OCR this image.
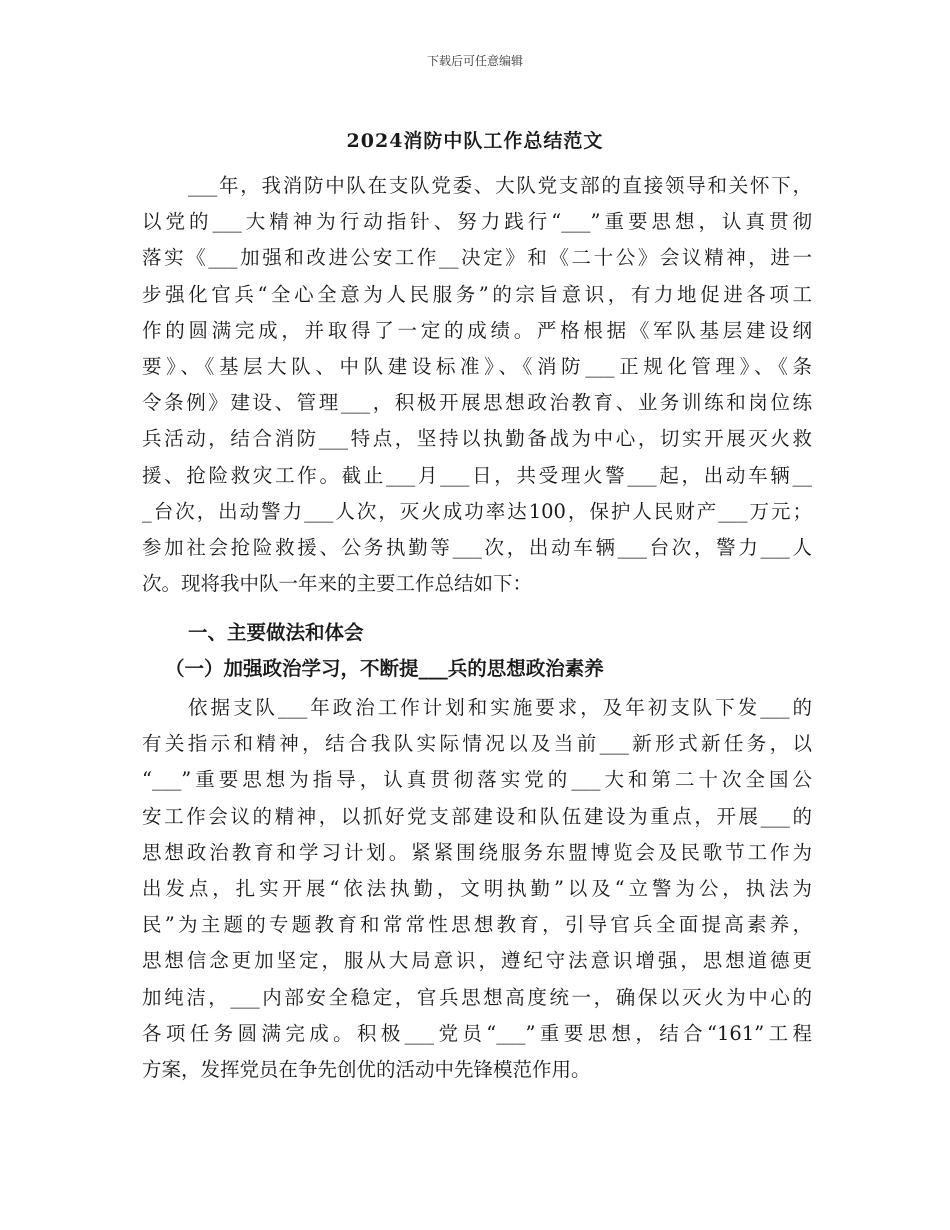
下载后可任意编辑
2024消防中队工作总结范文
___年，我消防中队在支队党委、大队党支部的直接领导和关怀下，
以党的___大精神为行动指针、努力践行“___”重要思想，认真贯彻
落实《___加强和改进公安工作__决定》和《二十公》会议精神，进一
步强化官兵“全心全意为人民服务”的宗旨意识，有力地促进各项工
作的圆满完成，并取得了一定的成绩。严格根据《军队基层建设纲
要》、《基层大队、中队建设标准》、《消防___正规化管理》、《条
令条例》建设、管理___，积极开展思想政治教育、业务训练和岗位练
兵活动，结合消防___特点，坚持以执勤备战为中心，切实开展灭火救
援、抢险救灾工作。截止___月___日，共受理火警___起，出动车辆__
_台次，出动警力___人次，灭火成功率达100，保护人民财产___万元；
参加社会抢险救援、公务执勤等___次，出动车辆___台次，警力___人
次。现将我中队一年来的主要工作总结如下：
一、主要做法和体会
（一）加强政治学习，不断提___兵的思想政治素养
依据支队___年政治工作计划和实施要求，及年初支队下发___的
有关指示和精神，结合我队实际情况以及当前___新形式新任务，以
“___”重要思想为指导，认真贯彻落实党的___大和第二十次全国公
安工作会议的精神，以抓好党支部建设和队伍建设为重点，开展___的
思想政治教育和学习计划。紧紧围绕服务东盟博览会及民歌节工作为
出发点，扎实开展“依法执勤，文明执勤”以及“立警为公，执法为
民”为主题的专题教育和常常性思想教育，引导官兵全面提高素养，
思想信念更加坚定，服从大局意识，遵纪守法意识增强，思想道德更
加纯洁，___内部安全稳定，官兵思想高度统一，确保以灭火为中心的
各项任务圆满完成。积极___党员“___”重要思想，结合“161”工程
方案，发挥党员在争先创优的活动中先锋模范作用。
